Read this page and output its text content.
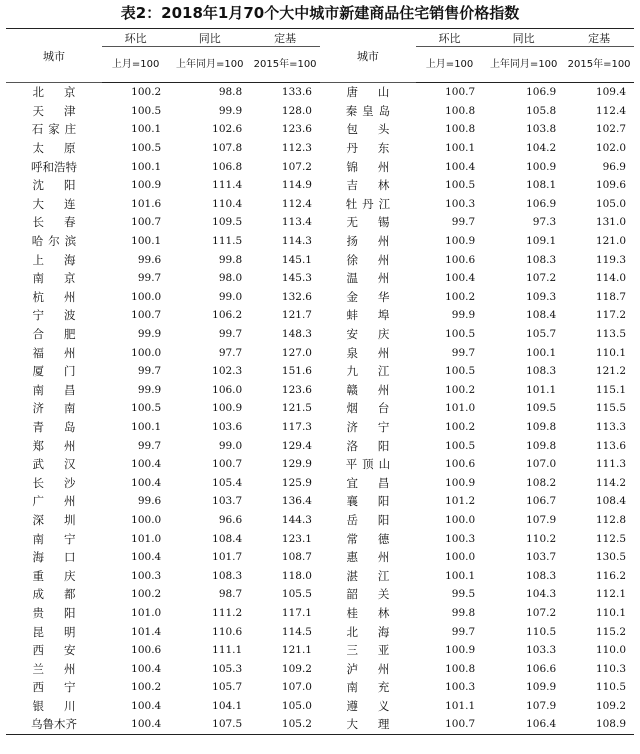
表2：2018年1月70个大中城市新建商品住宅销售价格指数
城市	环比	同比	定基	城市	环比	同比	定基
	上月=100	上年同月=100	2015年=100		上月=100	上年同月=100	2015年=100
北京	100.2	98.8	133.6	唐山	100.7	106.9	109.4
天津	100.5	99.9	128.0	秦皇岛	100.8	105.8	112.4
石家庄	100.1	102.6	123.6	包头	100.8	103.8	102.7
太原	100.5	107.8	112.3	丹东	100.1	104.2	102.0
呼和浩特	100.1	106.8	107.2	锦州	100.4	100.9	96.9
沈阳	100.9	111.4	114.9	吉林	100.5	108.1	109.6
大连	101.6	110.4	112.4	牡丹江	100.3	106.9	105.0
长春	100.7	109.5	113.4	无锡	99.7	97.3	131.0
哈尔滨	100.1	111.5	114.3	扬州	100.9	109.1	121.0
上海	99.6	99.8	145.1	徐州	100.6	108.3	119.3
南京	99.7	98.0	145.3	温州	100.4	107.2	114.0
杭州	100.0	99.0	132.6	金华	100.2	109.3	118.7
宁波	100.7	106.2	121.7	蚌埠	99.9	108.4	117.2
合肥	99.9	99.7	148.3	安庆	100.5	105.7	113.5
福州	100.0	97.7	127.0	泉州	99.7	100.1	110.1
厦门	99.7	102.3	151.6	九江	100.5	108.3	121.2
南昌	99.9	106.0	123.6	赣州	100.2	101.1	115.1
济南	100.5	100.9	121.5	烟台	101.0	109.5	115.5
青岛	100.1	103.6	117.3	济宁	100.2	109.8	113.3
郑州	99.7	99.0	129.4	洛阳	100.5	109.8	113.6
武汉	100.4	100.7	129.9	平顶山	100.6	107.0	111.3
长沙	100.4	105.4	125.9	宜昌	100.9	108.2	114.2
广州	99.6	103.7	136.4	襄阳	101.2	106.7	108.4
深圳	100.0	96.6	144.3	岳阳	100.0	107.9	112.8
南宁	101.0	108.4	123.1	常德	100.3	110.2	112.5
海口	100.4	101.7	108.7	惠州	100.0	103.7	130.5
重庆	100.3	108.3	118.0	湛江	100.1	108.3	116.2
成都	100.2	98.7	105.5	韶关	99.5	104.3	112.1
贵阳	101.0	111.2	117.1	桂林	99.8	107.2	110.1
昆明	101.4	110.6	114.5	北海	99.7	110.5	115.2
西安	100.6	111.1	121.1	三亚	100.9	103.3	110.0
兰州	100.4	105.3	109.2	泸州	100.8	106.6	110.3
西宁	100.2	105.7	107.0	南充	100.3	109.9	110.5
银川	100.4	104.1	105.0	遵义	101.1	107.9	109.2
乌鲁木齐	100.4	107.5	105.2	大理	100.7	106.4	108.9
